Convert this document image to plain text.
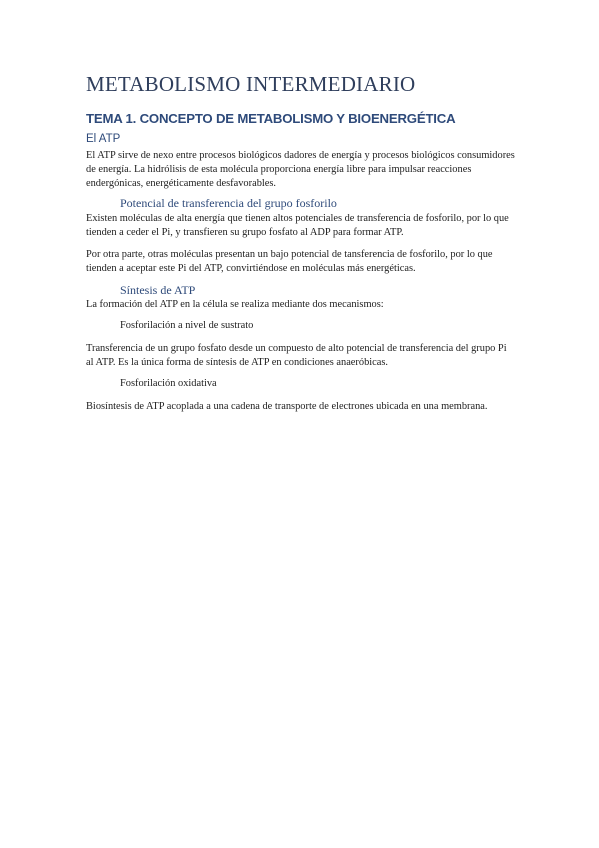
METABOLISMO INTERMEDIARIO
TEMA 1. CONCEPTO DE METABOLISMO Y BIOENERGÉTICA
El ATP
El ATP sirve de nexo entre procesos biológicos dadores de energía y procesos biológicos consumidores de energía. La hidrólisis de esta molécula proporciona energía libre para impulsar reacciones endergónicas, energéticamente desfavorables.
Potencial de transferencia del grupo fosforilo
Existen moléculas de alta energía que tienen altos potenciales de transferencia de fosforilo, por lo que tienden a ceder el Pi, y transfieren su grupo fosfato al ADP para formar ATP.
Por otra parte, otras moléculas presentan un bajo potencial de tansferencia de fosforilo, por lo que tienden a aceptar este Pi del ATP, convirtiéndose en moléculas más energéticas.
Síntesis de ATP
La formación del ATP en la célula se realiza mediante dos mecanismos:
Fosforilación a nivel de sustrato
Transferencia de un grupo fosfato desde un compuesto de alto potencial de transferencia del grupo Pi al ATP. Es la única forma de síntesis de ATP en condiciones anaeróbicas.
Fosforilación oxidativa
Biosíntesis de ATP acoplada a una cadena de transporte de electrones ubicada en una membrana.
